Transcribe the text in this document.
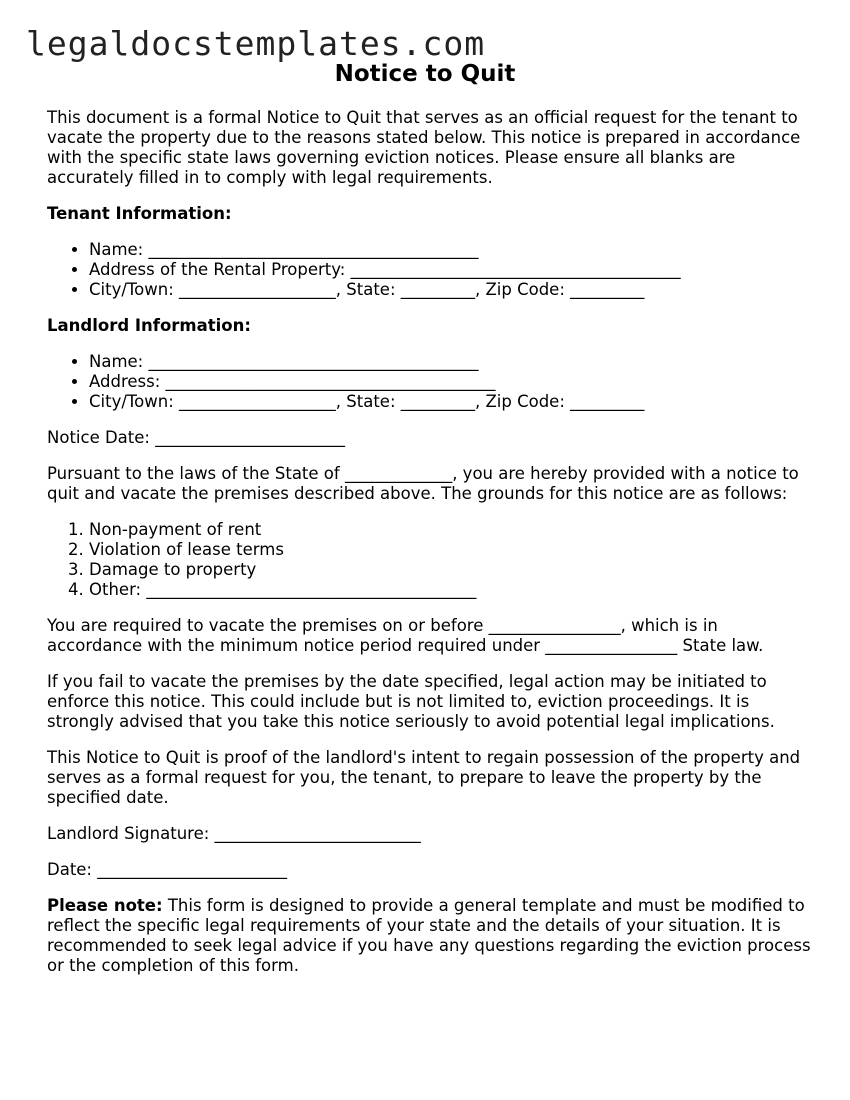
legaldocstemplates.com
Notice to Quit

This document is a formal Notice to Quit that serves as an official request for the tenant to vacate the property due to the reasons stated below. This notice is prepared in accordance with the specific state laws governing eviction notices. Please ensure all blanks are accurately filled in to comply with legal requirements.

Tenant Information:
• Name: ________________________________________
• Address of the Rental Property: ________________________________________
• City/Town: ___________________, State: _________, Zip Code: _________
Landlord Information:
• Name: ________________________________________
• Address: ________________________________________
• City/Town: ___________________, State: _________, Zip Code: _________

Notice Date: _______________________

Pursuant to the laws of the State of _____________, you are hereby provided with a notice to quit and vacate the premises described above. The grounds for this notice are as follows:

1. Non-payment of rent
2. Violation of lease terms
3. Damage to property
4. Other: ________________________________________

You are required to vacate the premises on or before ________________, which is in accordance with the minimum notice period required under ________________ State law.

If you fail to vacate the premises by the date specified, legal action may be initiated to enforce this notice. This could include but is not limited to, eviction proceedings. It is strongly advised that you take this notice seriously to avoid potential legal implications.

This Notice to Quit is proof of the landlord's intent to regain possession of the property and serves as a formal request for you, the tenant, to prepare to leave the property by the specified date.

Landlord Signature: _________________________

Date: _______________________

Please note: This form is designed to provide a general template and must be modified to reflect the specific legal requirements of your state and the details of your situation. It is recommended to seek legal advice if you have any questions regarding the eviction process or the completion of this form.
